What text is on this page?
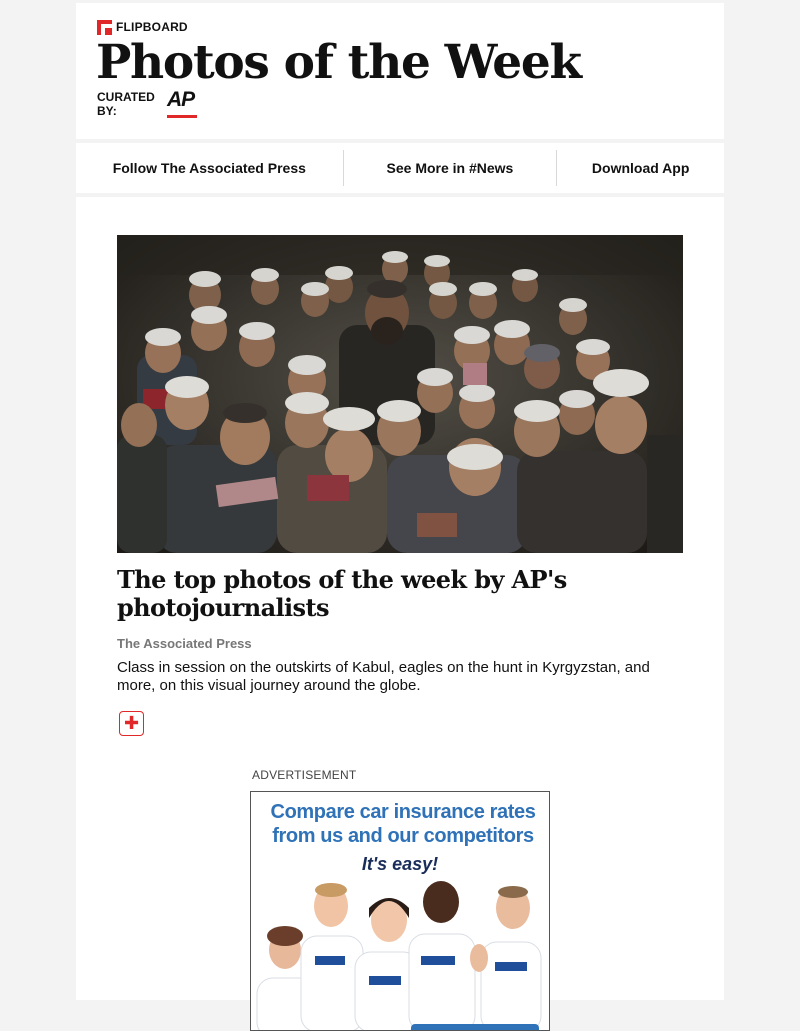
FLIPBOARD
Photos of the Week
CURATED BY:	AP
Follow The Associated Press	See More in #News	Download App
The top photos of the week by AP's photojournalists
The Associated Press

Class in session on the outskirts of Kabul, eagles on the hunt in Kyrgyzstan, and more, on this visual journey around the globe.

✚
ADVERTISEMENT
Compare car insurance rates from us and our competitors
It's easy!
